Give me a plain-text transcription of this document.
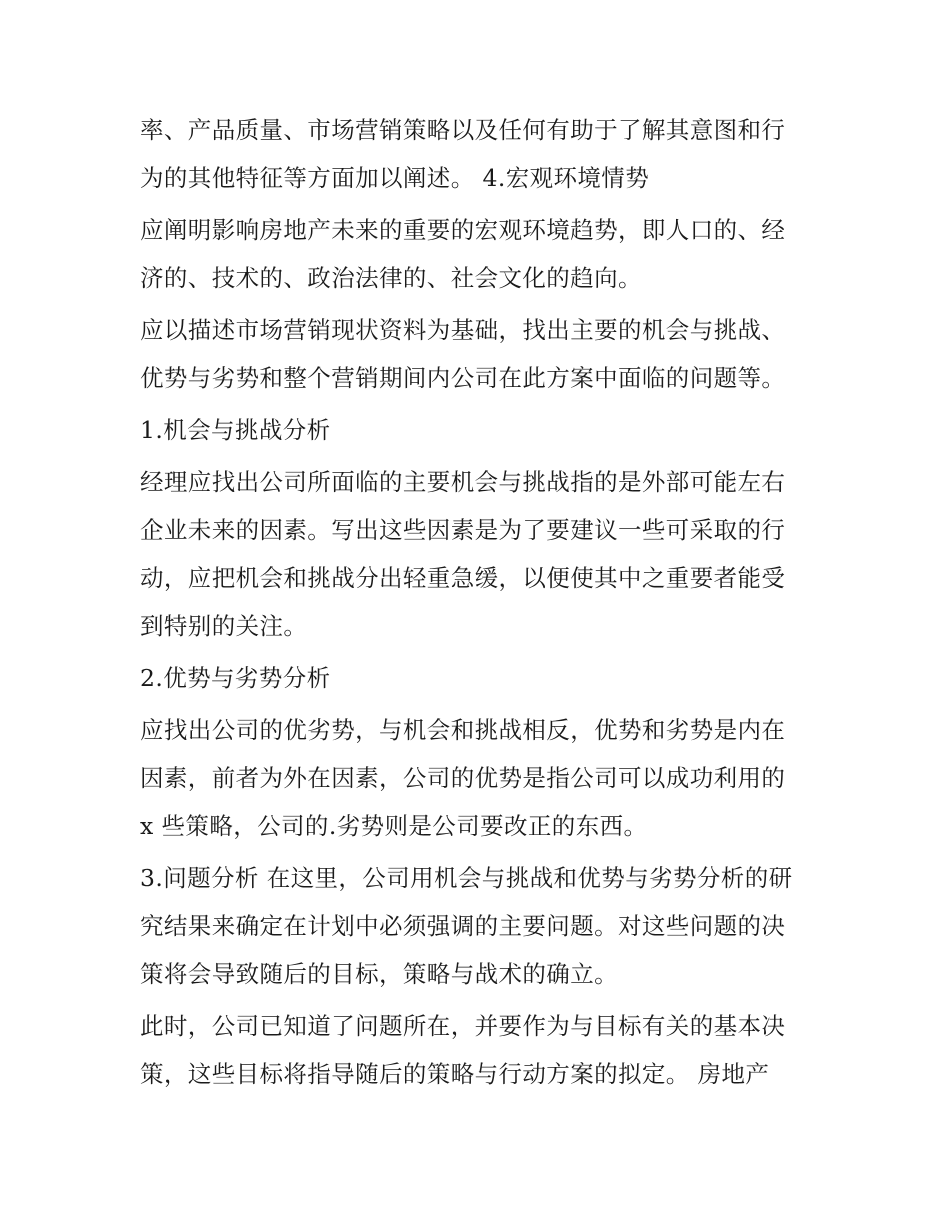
率、产品质量、市场营销策略以及任何有助于了解其意图和行
为的其他特征等方面加以阐述。 4.宏观环境情势
应阐明影响房地产未来的重要的宏观环境趋势，即人口的、经
济的、技术的、政治法律的、社会文化的趋向。
应以描述市场营销现状资料为基础，找出主要的机会与挑战、
优势与劣势和整个营销期间内公司在此方案中面临的问题等。
1.机会与挑战分析
经理应找出公司所面临的主要机会与挑战指的是外部可能左右
企业未来的因素。写出这些因素是为了要建议一些可采取的行
动，应把机会和挑战分出轻重急缓，以便使其中之重要者能受
到特别的关注。
2.优势与劣势分析
应找出公司的优劣势，与机会和挑战相反，优势和劣势是内在
因素，前者为外在因素，公司的优势是指公司可以成功利用的
x 些策略，公司的.劣势则是公司要改正的东西。
3.问题分析 在这里，公司用机会与挑战和优势与劣势分析的研
究结果来确定在计划中必须强调的主要问题。对这些问题的决
策将会导致随后的目标，策略与战术的确立。
此时，公司已知道了问题所在，并要作为与目标有关的基本决
策，这些目标将指导随后的策略与行动方案的拟定。 房地产
